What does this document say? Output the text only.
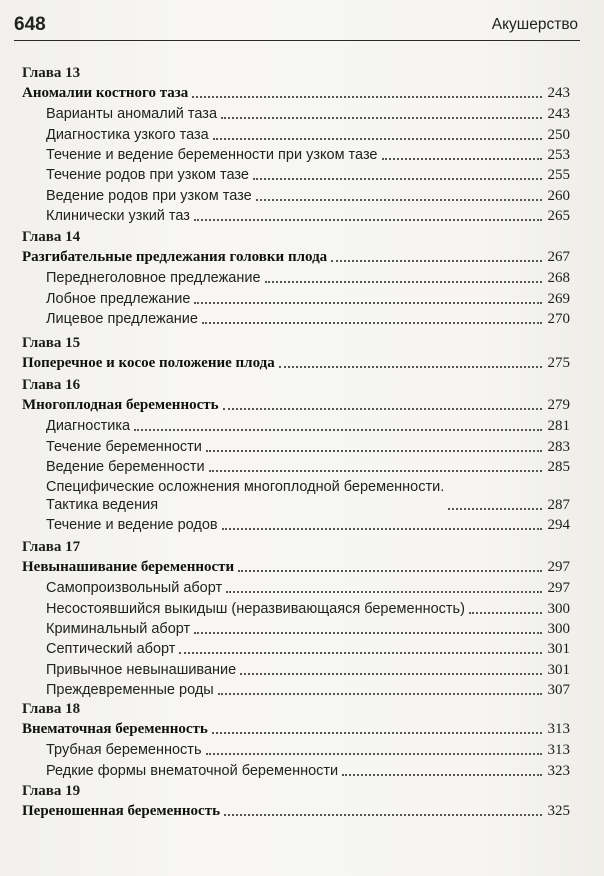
648	Акушерство
Глава 13
Аномалии костного таза	243
Варианты аномалий таза	243
Диагностика узкого таза	250
Течение и ведение беременности при узком тазе	253
Течение родов при узком тазе	255
Ведение родов при узком тазе	260
Клинически узкий таз	265
Глава 14
Разгибательные предлежания головки плода	267
Переднеголовное предлежание	268
Лобное предлежание	269
Лицевое предлежание	270
Глава 15
Поперечное и косое положение плода	275
Глава 16
Многоплодная беременность	279
Диагностика	281
Течение беременности	283
Ведение беременности	285
Специфические осложнения многоплодной беременности.
Тактика ведения	287
Течение и ведение родов	294
Глава 17
Невынашивание беременности	297
Самопроизвольный аборт	297
Несостоявшийся выкидыш (неразвивающаяся беременность)	300
Криминальный аборт	300
Септический аборт	301
Привычное невынашивание	301
Преждевременные роды	307
Глава 18
Внематочная беременность	313
Трубная беременность	313
Редкие формы внематочной беременности	323
Глава 19
Переношенная беременность	325
